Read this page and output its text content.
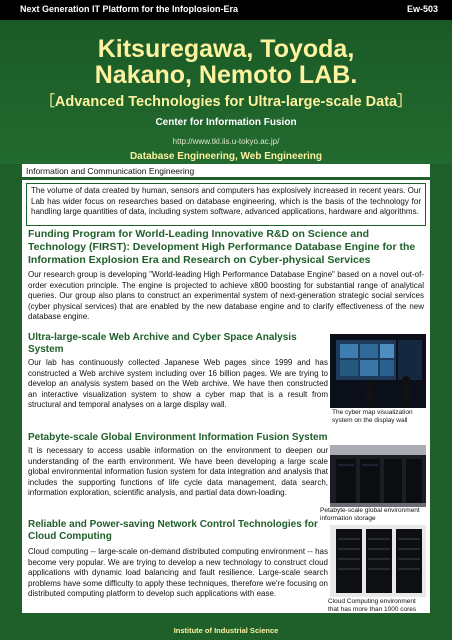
Next Generation IT Platform for the Infoplosion-Era	Ew-503
Kitsuregawa, Toyoda,
Nakano, Nemoto LAB.
［Advanced Technologies for Ultra-large-scale Data］
Center for Information Fusion
http://www.tkl.iis.u-tokyo.ac.jp/
Database Engineering, Web Engineering
Information and Communication Engineering
The volume of data created by human, sensors and computers has explosively increased in recent years. Our Lab has wider focus on researches based on database engineering, which is the basis of the technology for handling large quantities of data, including system software, advanced applications, hardware and algorithms.
Funding Program for World-Leading Innovative R&D on Science and Technology (FIRST): Development High Performance Database Engine for the Information Explosion Era and Research on Cyber-physical Services
Our research group is developing "World-leading High Performance Database Engine" based on a novel out-of-order execution principle. The engine is projected to achieve x800 boosting for substantial range of analytical queries. Our group also plans to construct an experimental system of next-generation strategic social services (cyber physical services) that are enabled by the new database engine and to clarify effectiveness of the new database engine.
Ultra-large-scale Web Archive and Cyber Space Analysis System
Our lab has continuously collected Japanese Web pages since 1999 and has constructed a Web archive system including over 16 billion pages. We are trying to develop an analysis system based on the Web archive. We have then constructed an interactive visualization system to show a cyber map that is a result from structural and temporal analyses on a large display wall.
The cyber map visualization system on the display wall
Petabyte-scale Global Environment Information Fusion System
It is necessary to access usable information on the environment to deepen our understanding of the earth environment. We have been developing a large scale global environmental information fusion system for data integration and analysis that includes the supporting functions of life cycle data management, data search, information exploration, scientific analysis, and partial data down-loading.
Petabyte-scale global environment information storage
Reliable and Power-saving Network Control Technologies for Cloud Computing
Cloud computing -- large-scale on-demand distributed computing environment -- has become very popular. We are trying to develop a new technology to construct cloud applications with dynamic load balancing and fault resilience. Large-scale search problems have some difficulty to apply these techniques, therefore we're focusing on distributed computing platform to develop such applications with ease.
Cloud Computing environment that has more than 1000 cores
$_{Institute of Industrial Science}$
